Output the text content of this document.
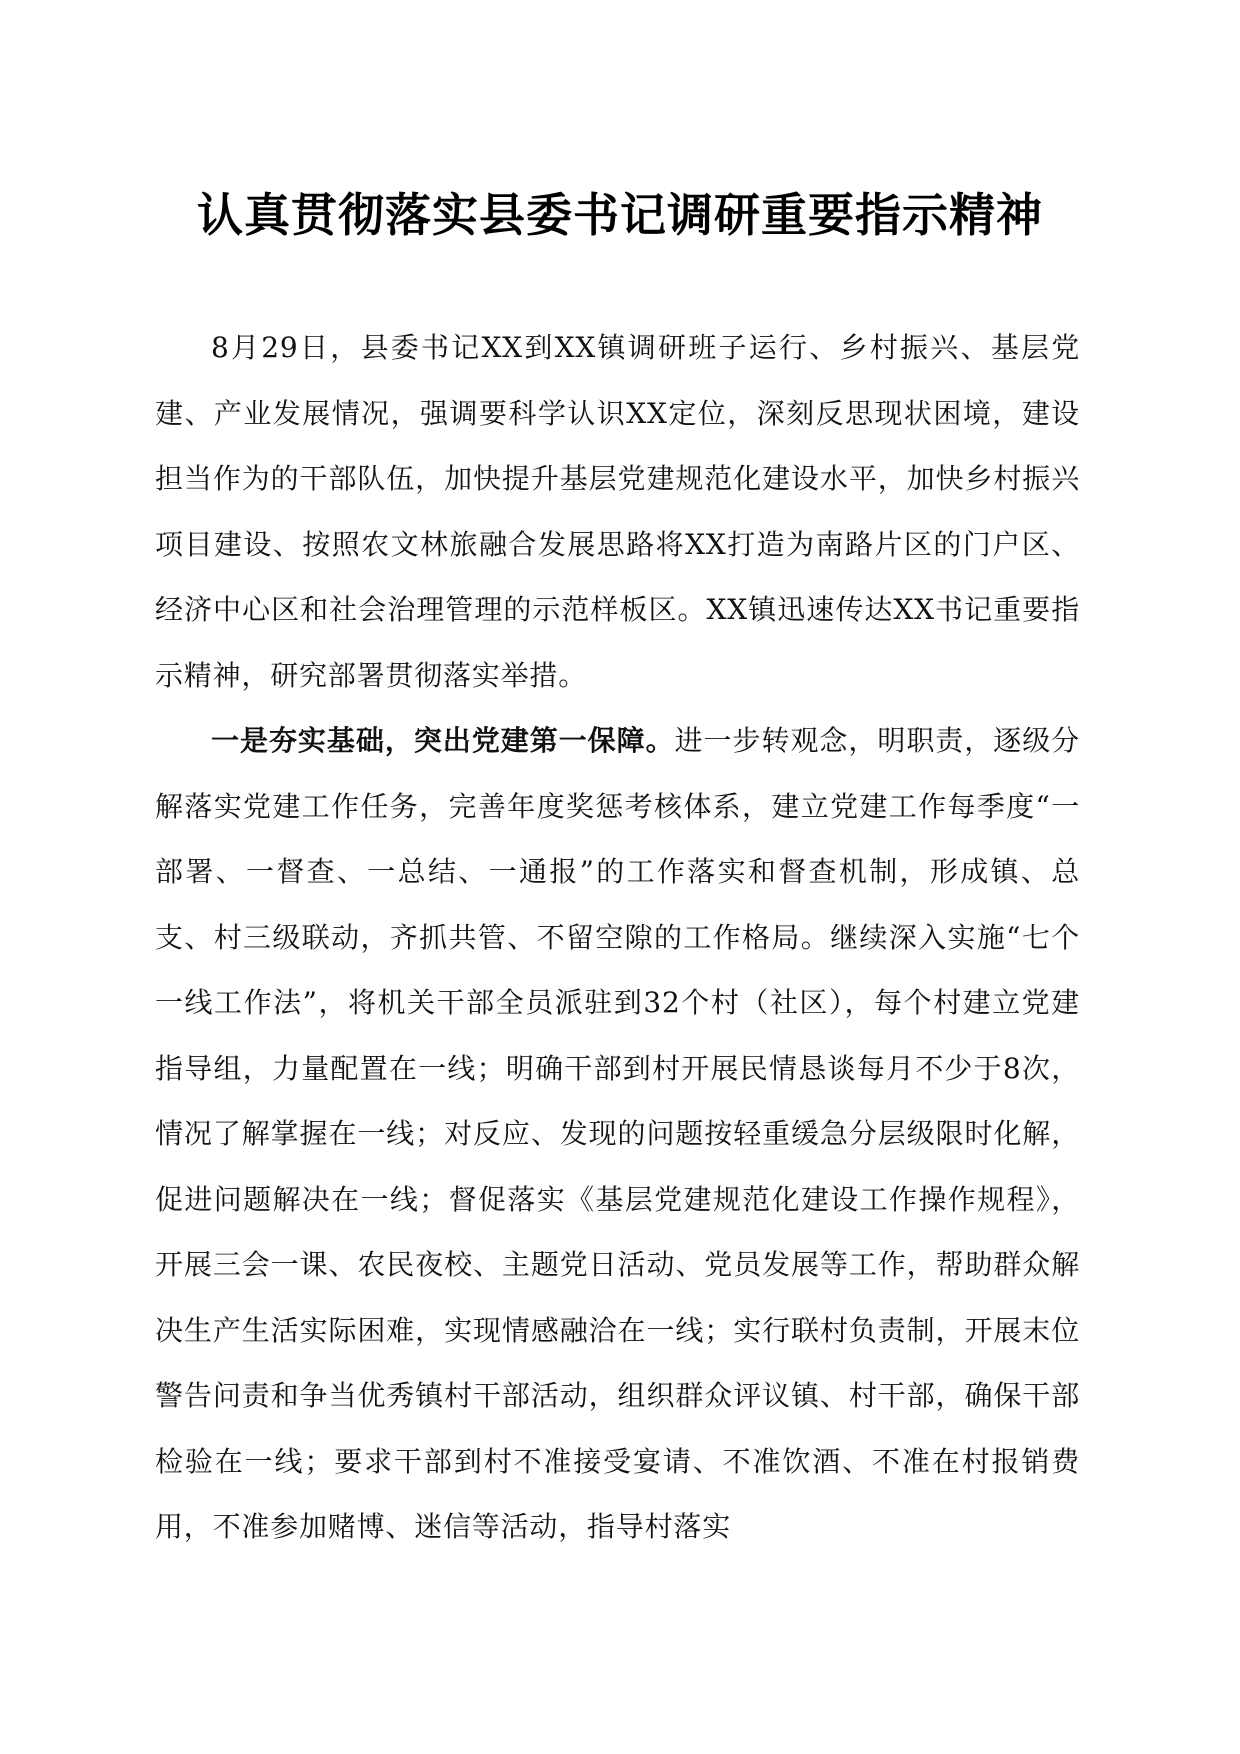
认真贯彻落实县委书记调研重要指示精神

8月29日，县委书记XX到XX镇调研班子运行、乡村振兴、基层党建、产业发展情况，强调要科学认识XX定位，深刻反思现状困境，建设担当作为的干部队伍，加快提升基层党建规范化建设水平，加快乡村振兴项目建设、按照农文林旅融合发展思路将XX打造为南路片区的门户区、经济中心区和社会治理管理的示范样板区。XX镇迅速传达XX书记重要指示精神，研究部署贯彻落实举措。

一是夯实基础，突出党建第一保障。进一步转观念，明职责，逐级分解落实党建工作任务，完善年度奖惩考核体系，建立党建工作每季度“一部署、一督查、一总结、一通报”的工作落实和督查机制，形成镇、总支、村三级联动，齐抓共管、不留空隙的工作格局。继续深入实施“七个一线工作法”，将机关干部全员派驻到32个村（社区），每个村建立党建指导组，力量配置在一线；明确干部到村开展民情恳谈每月不少于8次，情况了解掌握在一线；对反应、发现的问题按轻重缓急分层级限时化解，促进问题解决在一线；督促落实《基层党建规范化建设工作操作规程》，开展三会一课、农民夜校、主题党日活动、党员发展等工作，帮助群众解决生产生活实际困难，实现情感融洽在一线；实行联村负责制，开展末位警告问责和争当优秀镇村干部活动，组织群众评议镇、村干部，确保干部检验在一线；要求干部到村不准接受宴请、不准饮酒、不准在村报销费用，不准参加赌博、迷信等活动，指导村落实
